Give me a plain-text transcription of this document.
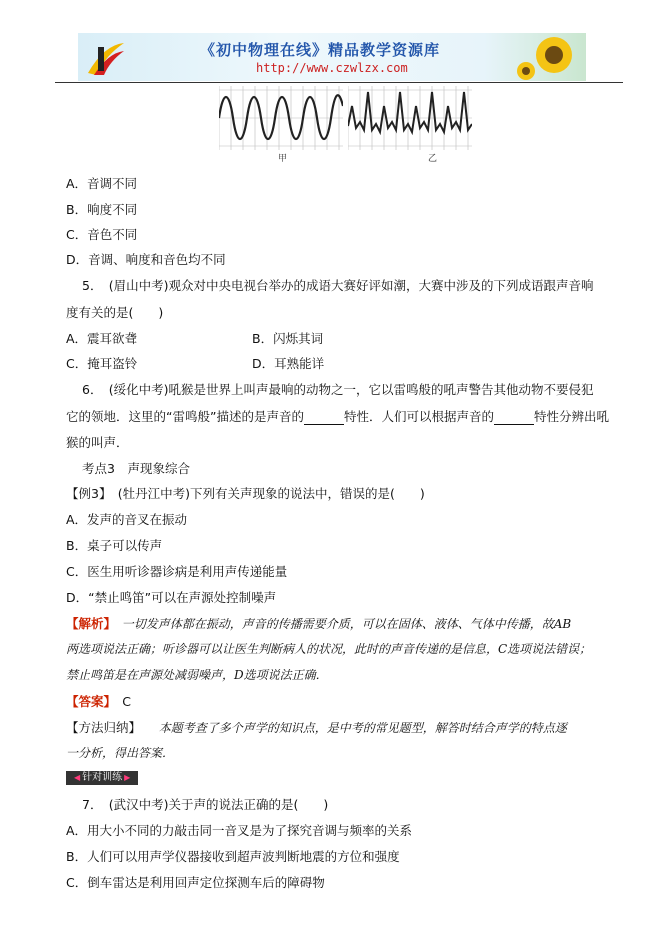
《初中物理在线》精品教学资源库
http://www.czwlzx.com
甲	乙
A．音调不同
B．响度不同
C．音色不同
D．音调、响度和音色均不同
5．　(眉山中考)观众对中央电视台举办的成语大赛好评如潮，大赛中涉及的下列成语跟声音响
度有关的是(　　)
A．震耳欲聋	B．闪烁其词
C．掩耳盗铃	D．耳熟能详
6．　(绥化中考)吼猴是世界上叫声最响的动物之一，它以雷鸣般的吼声警告其他动物不要侵犯
它的领地．这里的“雷鸣般”描述的是声音的	特性．人们可以根据声音的	特性分辨出吼
猴的叫声．
考点3　声现象综合
【例3】　(牡丹江中考)下列有关声现象的说法中，错误的是(　　)
A．发声的音叉在振动
B．桌子可以传声
C．医生用听诊器诊病是利用声传递能量
D．“禁止鸣笛”可以在声源处控制噪声
【解析】　一切发声体都在振动，声音的传播需要介质，可以在固体、液体、气体中传播，故AB
两选项说法正确；听诊器可以让医生判断病人的状况，此时的声音传递的是信息，C选项说法错误；
禁止鸣笛是在声源处减弱噪声，D选项说法正确．
【答案】　C
【方法归纳】　　本题考查了多个声学的知识点，是中考的常见题型，解答时结合声学的特点逐
一分析，得出答案．
◀ 针对训练 ▶
7．　(武汉中考)关于声的说法正确的是(　　)
A．用大小不同的力敲击同一音叉是为了探究音调与频率的关系
B．人们可以用声学仪器接收到超声波判断地震的方位和强度
C．倒车雷达是利用回声定位探测车后的障碍物
